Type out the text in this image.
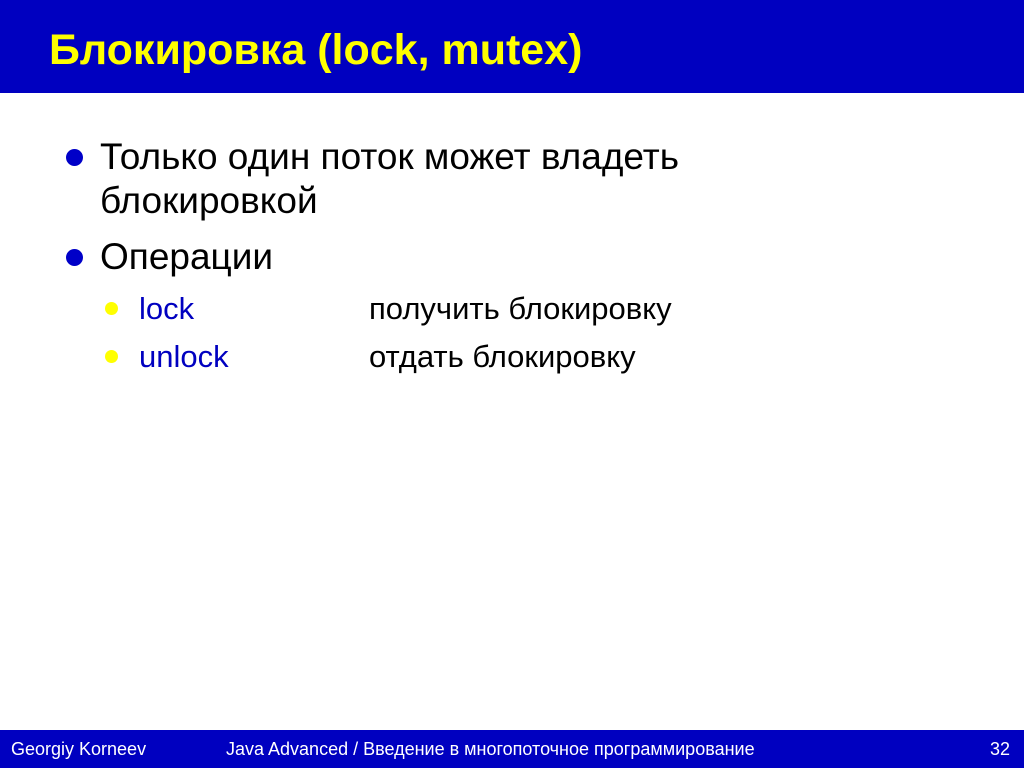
Блокировка (lock, mutex)
Только один поток может владеть
блокировкой
Операции
lock	получить блокировку
unlock	отдать блокировку
Georgiy Korneev	Java Advanced / Введение в многопоточное программирование	32
